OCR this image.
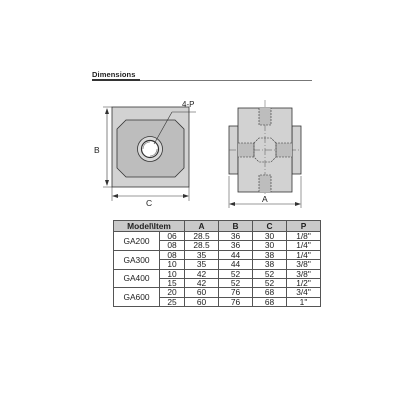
Dimensions
4-P
B
C	A
Model\Item		A	B	C	P
GA200	06	28.5	36	30	1/8"
	08	28.5	36	30	1/4"
GA300	08	35	44	38	1/4"
	10	35	44	38	3/8"
GA400	10	42	52	52	3/8"
	15	42	52	52	1/2"
GA600	20	60	76	68	3/4"
	25	60	76	68	1"
